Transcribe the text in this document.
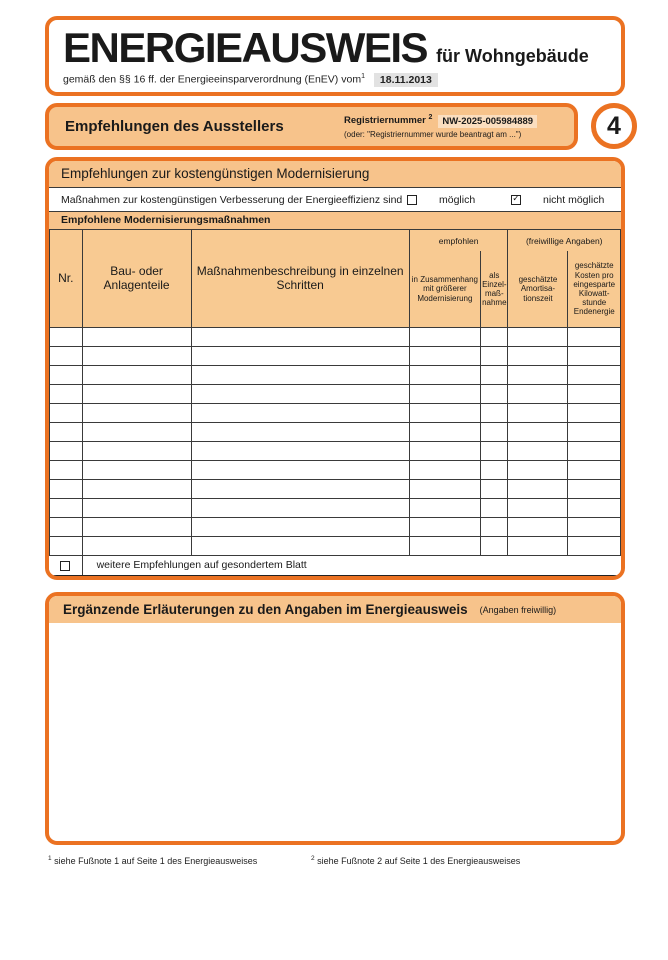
ENERGIEAUSWEIS für Wohngebäude
gemäß den §§ 16 ff. der Energieeinsparverordnung (EnEV) vom$^1$ 18.11.2013
Empfehlungen des Ausstellers	Registriernummer $^2$	NW-2025-005984889
(oder: "Registriernummer wurde beantragt am ...")	4
Empfehlungen zur kostengünstigen Modernisierung
Maßnahmen zur kostengünstigen Verbesserung der Energieeffizienz sind	möglich	✓ nicht möglich
Empfohlene Modernisierungsmaßnahmen
Nr.	Bau- oder Anlagenteile	Maßnahmenbeschreibung in einzelnen Schritten	empfohlen		(freiwillige Angaben)	
			in Zusammenhang mit größerer Modernisierung	als Einzel- maß- nahme	geschätzte Amortisa- tionszeit	geschätzte Kosten pro eingesparte Kilowatt- stunde Endenergie

weitere Empfehlungen auf gesondertem Blatt

Ergänzende Erläuterungen zu den Angaben im Energieausweis (Angaben freiwillig)
$^1$ siehe Fußnote 1 auf Seite 1 des Energieausweises	$^2$ siehe Fußnote 2 auf Seite 1 des Energieausweises
